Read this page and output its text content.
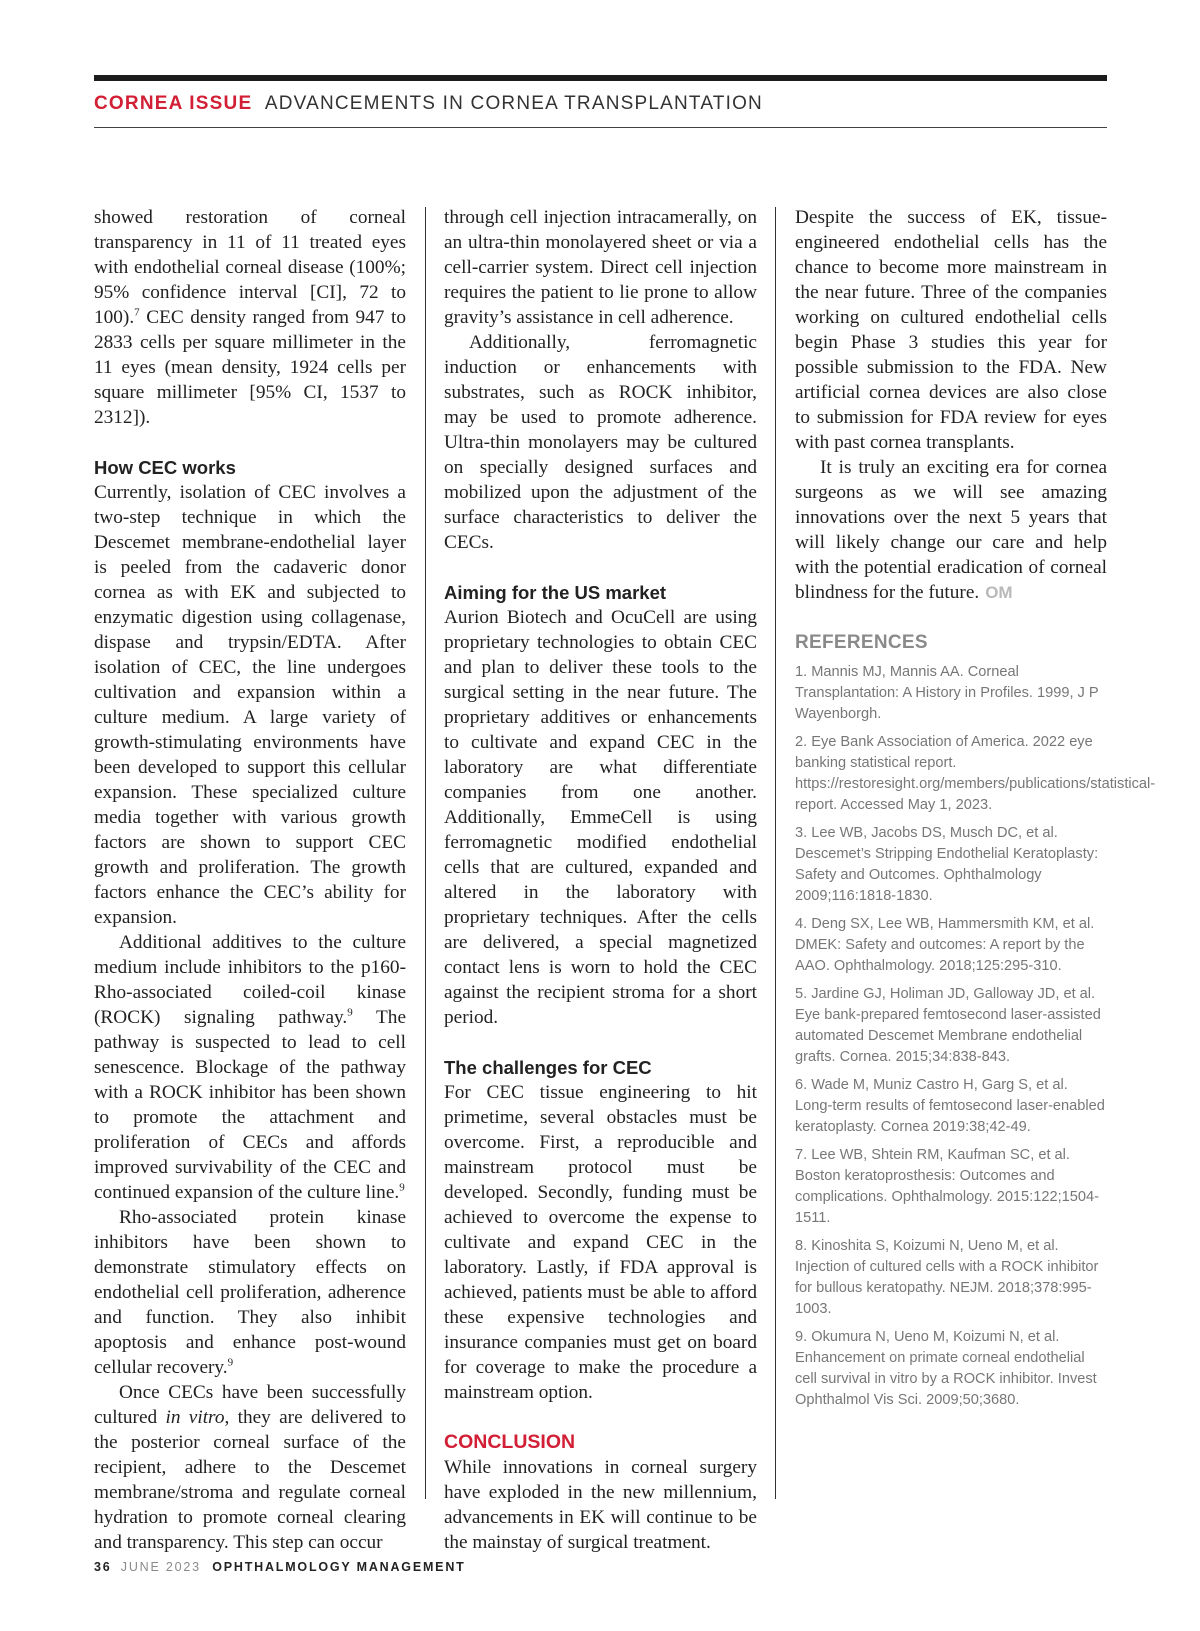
CORNEA ISSUE ADVANCEMENTS IN CORNEA TRANSPLANTATION

showed restoration of corneal transparency in 11 of 11 treated eyes with endothelial corneal disease (100%; 95% confidence interval [CI], 72 to 100).$^7$ CEC density ranged from 947 to 2833 cells per square millimeter in the 11 eyes (mean density, 1924 cells per square millimeter [95% CI, 1537 to 2312]).

How CEC works

Currently, isolation of CEC involves a two-step technique in which the Descemet membrane-endothelial layer is peeled from the cadaveric donor cornea as with EK and subjected to enzymatic digestion using collagenase, dispase and trypsin/EDTA. After isolation of CEC, the line undergoes cultivation and expansion within a culture medium. A large variety of growth-stimulating environments have been developed to support this cellular expansion. These specialized culture media together with various growth factors are shown to support CEC growth and proliferation. The growth factors enhance the CEC’s ability for expansion.

Additional additives to the culture medium include inhibitors to the p160-Rho-associated coiled-coil kinase (ROCK) signaling pathway.$^9$ The pathway is suspected to lead to cell senescence. Blockage of the pathway with a ROCK inhibitor has been shown to promote the attachment and proliferation of CECs and affords improved survivability of the CEC and continued expansion of the culture line.$^9$

Rho-associated protein kinase inhibitors have been shown to demonstrate stimulatory effects on endothelial cell proliferation, adherence and function. They also inhibit apoptosis and enhance post-wound cellular recovery.$^9$

Once CECs have been successfully cultured in vitro, they are delivered to the posterior corneal surface of the recipient, adhere to the Descemet membrane/stroma and regulate corneal hydration to promote corneal clearing and transparency. This step can occur

through cell injection intracamerally, on an ultra-thin monolayered sheet or via a cell-carrier system. Direct cell injection requires the patient to lie prone to allow gravity’s assistance in cell adherence.

Additionally, ferromagnetic induction or enhancements with substrates, such as ROCK inhibitor, may be used to promote adherence. Ultra-thin monolayers may be cultured on specially designed surfaces and mobilized upon the adjustment of the surface characteristics to deliver the CECs.

Aiming for the US market

Aurion Biotech and OcuCell are using proprietary technologies to obtain CEC and plan to deliver these tools to the surgical setting in the near future. The proprietary additives or enhancements to cultivate and expand CEC in the laboratory are what differentiate companies from one another. Additionally, EmmeCell is using ferromagnetic modified endothelial cells that are cultured, expanded and altered in the laboratory with proprietary techniques. After the cells are delivered, a special magnetized contact lens is worn to hold the CEC against the recipient stroma for a short period.

The challenges for CEC

For CEC tissue engineering to hit primetime, several obstacles must be overcome. First, a reproducible and mainstream protocol must be developed. Secondly, funding must be achieved to overcome the expense to cultivate and expand CEC in the laboratory. Lastly, if FDA approval is achieved, patients must be able to afford these expensive technologies and insurance companies must get on board for coverage to make the procedure a mainstream option.

CONCLUSION

While innovations in corneal surgery have exploded in the new millennium, advancements in EK will continue to be the mainstay of surgical treatment.

Despite the success of EK, tissue-engineered endothelial cells has the chance to become more mainstream in the near future. Three of the companies working on cultured endothelial cells begin Phase 3 studies this year for possible submission to the FDA. New artificial cornea devices are also close to submission for FDA review for eyes with past cornea transplants.

It is truly an exciting era for cornea surgeons as we will see amazing innovations over the next 5 years that will likely change our care and help with the potential eradication of corneal blindness for the future. OM

REFERENCES
1. Mannis MJ, Mannis AA. Corneal Transplantation: A History in Profiles. 1999, J P Wayenborgh.
2. Eye Bank Association of America. 2022 eye banking statistical report. https://restoresight.org/members/publications/statistical-report. Accessed May 1, 2023.
3. Lee WB, Jacobs DS, Musch DC, et al. Descemet’s Stripping Endothelial Keratoplasty: Safety and Outcomes. Ophthalmology 2009;116:1818-1830.
4. Deng SX, Lee WB, Hammersmith KM, et al. DMEK: Safety and outcomes: A report by the AAO. Ophthalmology. 2018;125:295-310.
5. Jardine GJ, Holiman JD, Galloway JD, et al. Eye bank-prepared femtosecond laser-assisted automated Descemet Membrane endothelial grafts. Cornea. 2015;34:838-843.
6. Wade M, Muniz Castro H, Garg S, et al. Long-term results of femtosecond laser-enabled keratoplasty. Cornea 2019:38;42-49.
7. Lee WB, Shtein RM, Kaufman SC, et al. Boston keratoprosthesis: Outcomes and complications. Ophthalmology. 2015:122;1504-1511.
8. Kinoshita S, Koizumi N, Ueno M, et al. Injection of cultured cells with a ROCK inhibitor for bullous keratopathy. NEJM. 2018;378:995-1003.
9. Okumura N, Ueno M, Koizumi N, et al. Enhancement on primate corneal endothelial cell survival in vitro by a ROCK inhibitor. Invest Ophthalmol Vis Sci. 2009;50;3680.
36 JUNE 2023 OPHTHALMOLOGY MANAGEMENT
